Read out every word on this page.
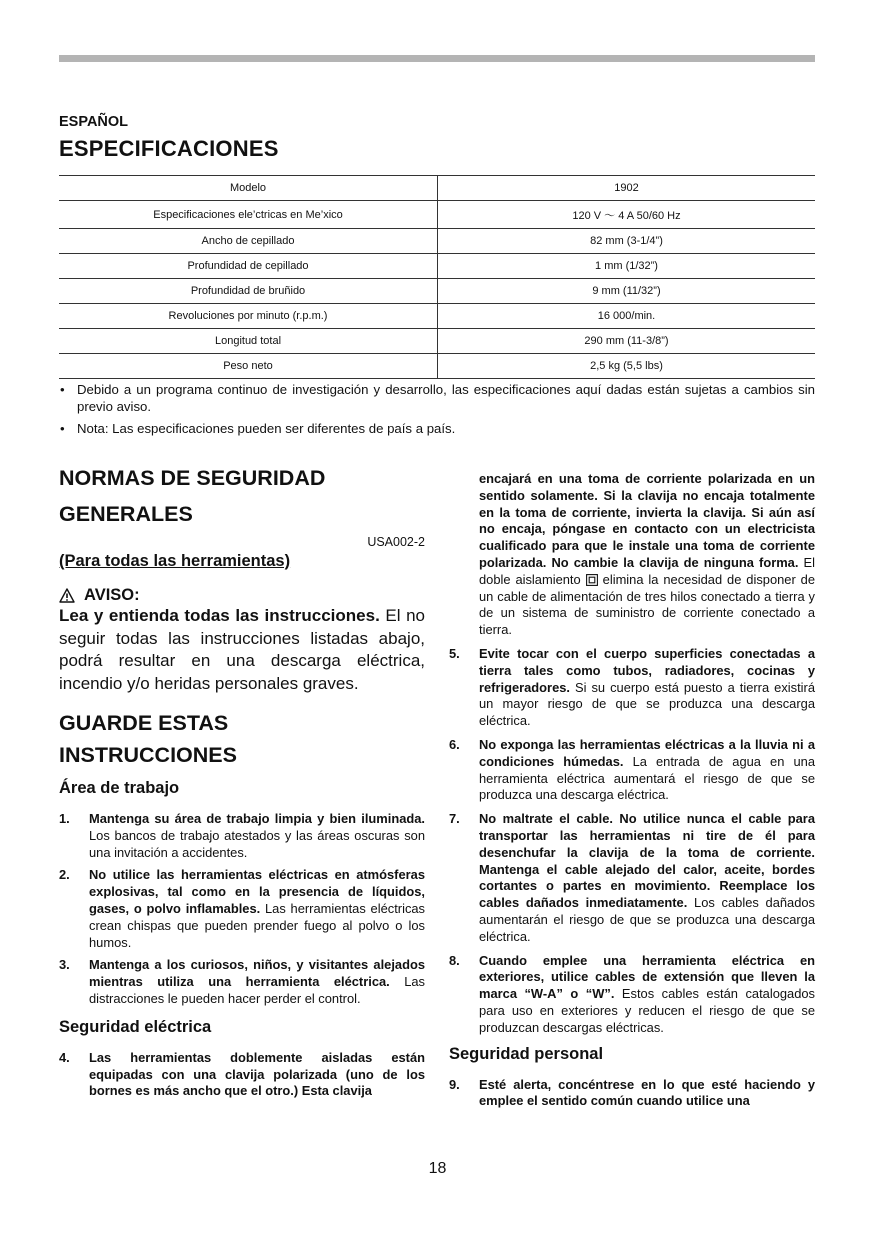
ESPAÑOL

ESPECIFICACIONES
Modelo	1902
Especificaciones ele’ctricas en Me’xico	120 V ～ 4 A 50/60 Hz
Ancho de cepillado	82 mm (3-1/4”)
Profundidad de cepillado	1 mm (1/32”)
Profundidad de bruñido	9 mm (11/32”)
Revoluciones por minuto (r.p.m.)	16 000/min.
Longitud total	290 mm (11-3/8”)
Peso neto	2,5 kg (5,5 lbs)
• Debido a un programa continuo de investigación y desarrollo, las especificaciones aquí dadas están sujetas a cambios sin previo aviso.
• Nota: Las especificaciones pueden ser diferentes de país a país.
NORMAS DE SEGURIDAD
GENERALES

USA002-2

(Para todas las herramientas)

AVISO:

Lea y entienda todas las instrucciones. El no seguir todas las instrucciones listadas abajo, podrá resultar en una descarga eléctrica, incendio y/o heridas personales graves.

GUARDE ESTAS
INSTRUCCIONES
Área de trabajo
1. Mantenga su área de trabajo limpia y bien iluminada. Los bancos de trabajo atestados y las áreas oscuras son una invitación a accidentes.
2. No utilice las herramientas eléctricas en atmósferas explosivas, tal como en la presencia de líquidos, gases, o polvo inflamables. Las herramientas eléctricas crean chispas que pueden prender fuego al polvo o los humos.
3. Mantenga a los curiosos, niños, y visitantes alejados mientras utiliza una herramienta eléctrica. Las distracciones le pueden hacer perder el control.
Seguridad eléctrica
4. Las herramientas doblemente aisladas están equipadas con una clavija polarizada (uno de los bornes es más ancho que el otro.) Esta clavija

encajará en una toma de corriente polarizada en un sentido solamente. Si la clavija no encaja totalmente en la toma de corriente, invierta la clavija. Si aún así no encaja, póngase en contacto con un electricista cualificado para que le instale una toma de corriente polarizada. No cambie la clavija de ninguna forma. El doble aislamiento elimina la necesidad de disponer de un cable de alimentación de tres hilos conectado a tierra y de un sistema de suministro de corriente conectado a tierra.

5. Evite tocar con el cuerpo superficies conectadas a tierra tales como tubos, radiadores, cocinas y refrigeradores. Si su cuerpo está puesto a tierra existirá un mayor riesgo de que se produzca una descarga eléctrica.
6. No exponga las herramientas eléctricas a la lluvia ni a condiciones húmedas. La entrada de agua en una herramienta eléctrica aumentará el riesgo de que se produzca una descarga eléctrica.
7. No maltrate el cable. No utilice nunca el cable para transportar las herramientas ni tire de él para desenchufar la clavija de la toma de corriente. Mantenga el cable alejado del calor, aceite, bordes cortantes o partes en movimiento. Reemplace los cables dañados inmediatamente. Los cables dañados aumentarán el riesgo de que se produzca una descarga eléctrica.
8. Cuando emplee una herramienta eléctrica en exteriores, utilice cables de extensión que lleven la marca “W-A” o “W”. Estos cables están catalogados para uso en exteriores y reducen el riesgo de que se produzcan descargas eléctricas.
Seguridad personal
9. Esté alerta, concéntrese en lo que esté haciendo y emplee el sentido común cuando utilice una

18
